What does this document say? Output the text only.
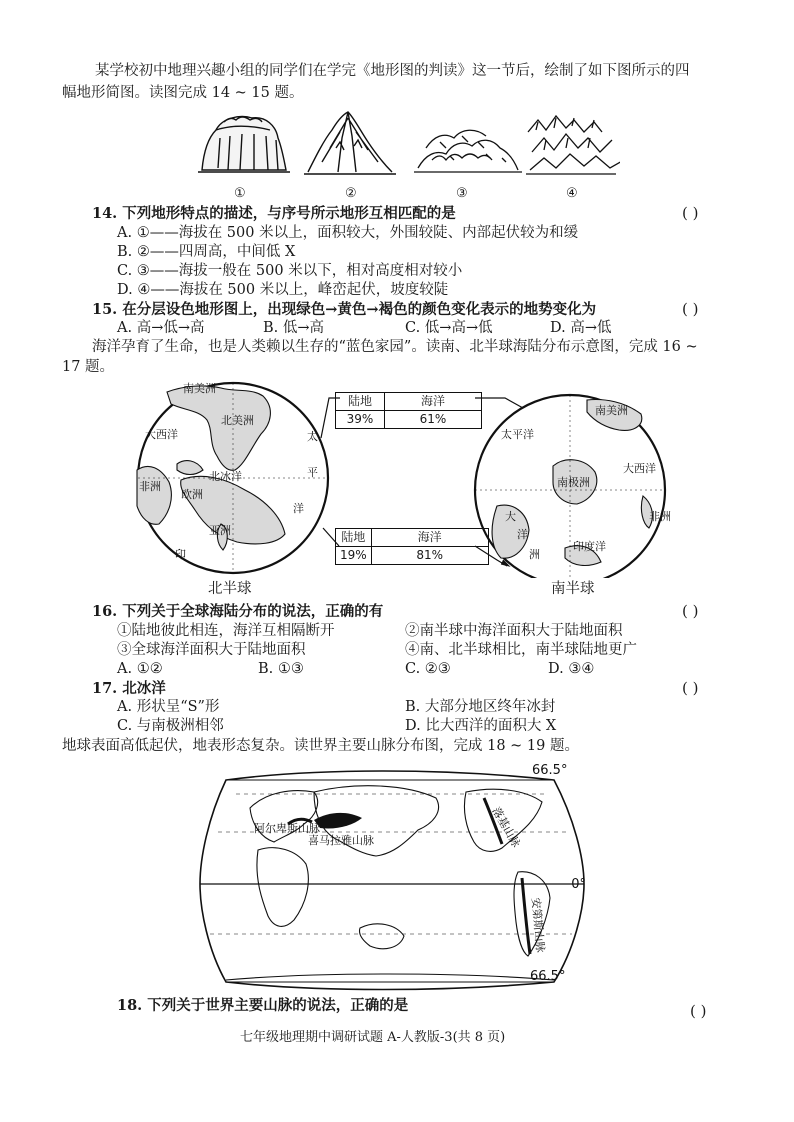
某学校初中地理兴趣小组的同学们在学完《地形图的判读》这一节后，绘制了如下图所示的四
幅地形简图。读图完成 14 ~ 15 题。
①	②	③	④
14. 下列地形特点的描述，与序号所示地形互相匹配的是	( )
A. ①——海拔在 500 米以上，面积较大，外围较陡、内部起伏较为和缓
B. ②——四周高，中间低 X
C. ③——海拔一般在 500 米以下，相对高度相对较小
D. ④——海拔在 500 米以上，峰峦起伏，坡度较陡
15. 在分层设色地形图上，出现绿色→黄色→褐色的颜色变化表示的地势变化为	( )
A. 高→低→高	B. 低→高	C. 低→高→低	D. 高→低
海洋孕育了生命，也是人类赖以生存的“蓝色家园”。读南、北半球海陆分布示意图，完成 16 ~
17 题。
南美洲
大西洋
北美洲
太
平
洋
非洲
北冰洋
欧洲
亚洲
印
南美洲
太平洋
大西洋
南极洲
非洲
大
洋
洲
印度洋
陆地	海洋
39%	61%
陆地	海洋
19%	81%
北半球	南半球
16. 下列关于全球海陆分布的说法，正确的有	( )
①陆地彼此相连，海洋互相隔断开	②南半球中海洋面积大于陆地面积
③全球海洋面积大于陆地面积	④南、北半球相比，南半球陆地更广
A. ①②	B. ①③	C. ②③	D. ③④
17. 北冰洋	( )
A. 形状呈“S”形	B. 大部分地区终年冰封
C. 与南极洲相邻	D. 比大西洋的面积大 X
地球表面高低起伏，地表形态复杂。读世界主要山脉分布图，完成 18 ~ 19 题。
66.5°
0°
66.5°
阿尔卑斯山脉
喜马拉雅山脉	落基山脉
安第斯山脉
18. 下列关于世界主要山脉的说法，正确的是	( )
七年级地理期中调研试题 A-人教版-3(共 8 页)
